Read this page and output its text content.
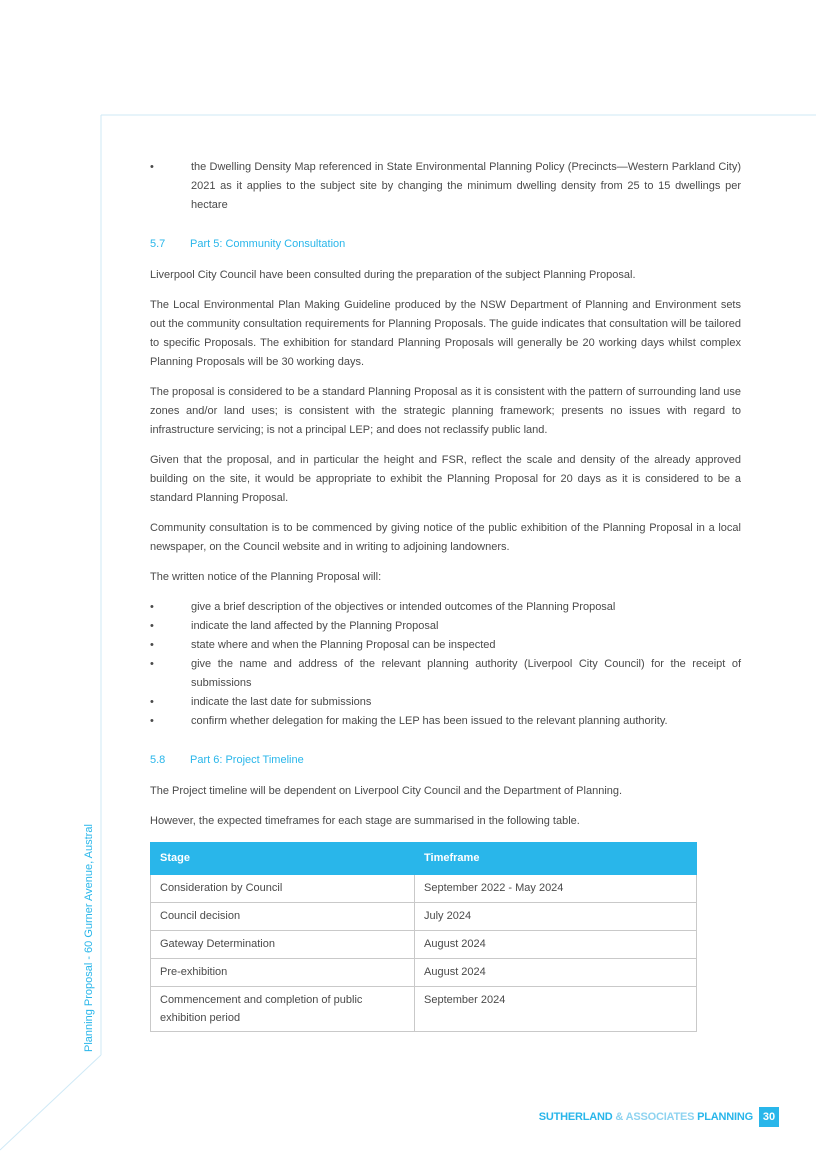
Planning Proposal - 60 Gurner Avenue, Austral
•	the Dwelling Density Map referenced in State Environmental Planning Policy (Precincts—Western Parkland City) 2021 as it applies to the subject site by changing the minimum dwelling density from 25 to 15 dwellings per hectare
5.7	Part 5: Community Consultation

Liverpool City Council have been consulted during the preparation of the subject Planning Proposal.

The Local Environmental Plan Making Guideline produced by the NSW Department of Planning and Environment sets out the community consultation requirements for Planning Proposals. The guide indicates that consultation will be tailored to specific Proposals. The exhibition for standard Planning Proposals will generally be 20 working days whilst complex Planning Proposals will be 30 working days.

The proposal is considered to be a standard Planning Proposal as it is consistent with the pattern of surrounding land use zones and/or land uses; is consistent with the strategic planning framework; presents no issues with regard to infrastructure servicing; is not a principal LEP; and does not reclassify public land.

Given that the proposal, and in particular the height and FSR, reflect the scale and density of the already approved building on the site, it would be appropriate to exhibit the Planning Proposal for 20 days as it is considered to be a standard Planning Proposal.

Community consultation is to be commenced by giving notice of the public exhibition of the Planning Proposal in a local newspaper, on the Council website and in writing to adjoining landowners.

The written notice of the Planning Proposal will:

•	give a brief description of the objectives or intended outcomes of the Planning Proposal
•	indicate the land affected by the Planning Proposal
•	state where and when the Planning Proposal can be inspected
•	give the name and address of the relevant planning authority (Liverpool City Council) for the receipt of submissions
•	indicate the last date for submissions
•	confirm whether delegation for making the LEP has been issued to the relevant planning authority.
5.8	Part 6: Project Timeline

The Project timeline will be dependent on Liverpool City Council and the Department of Planning.

However, the expected timeframes for each stage are summarised in the following table.

Stage	Timeframe
Consideration by Council	September 2022 - May 2024
Council decision	July 2024
Gateway Determination	August 2024
Pre-exhibition	August 2024
Commencement and completion of public exhibition period	September 2024
SUTHERLAND & ASSOCIATES PLANNING 30
